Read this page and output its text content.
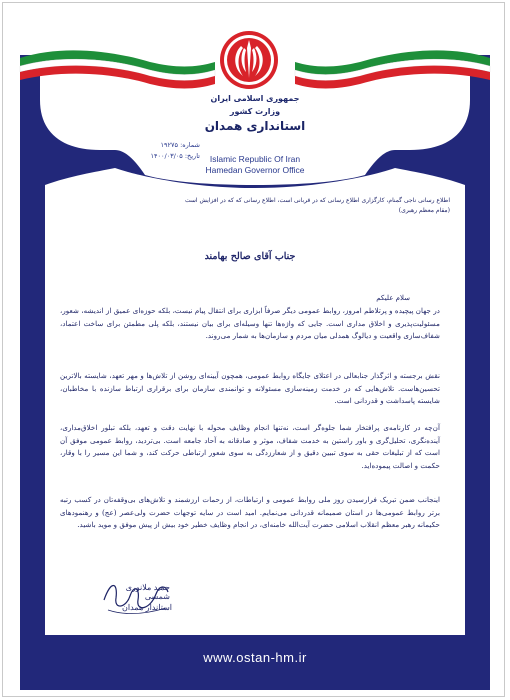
جمهوری اسلامی ایران
وزارت کشور
استانداری همدان
Islamic Republic Of Iran
Hamedan Governor Office
شماره: ۱۹۲۷۵
تاریخ: ۱۴۰۰/۰۳/۰۵
اطلاع رسانی ناجی گمنام، کارگزاری اطلاع رسانی که در قربانی است، اطلاع رسانی که که در افزایش است
(مقام معظم رهبری)
جناب آقای صالح بهامند
سلام علیکم
در جهان پیچیده و پرتلاطم امروز، روابط عمومی دیگر صرفاً ابزاری برای انتقال پیام نیست، بلکه حوزه‌ای عمیق از اندیشه، شعور، مسئولیت‌پذیری و اخلاق مداری است. جایی که واژه‌ها تنها وسیله‌ای برای بیان نیستند، بلکه پلی مطمئن برای ساخت اعتماد، شفاف‌سازی واقعیت و دیالوگ همدلی میان مردم و سازمان‌ها به شمار می‌روند.
نقش برجسته و اثرگذار جنابعالی در اعتلای جایگاه روابط عمومی، همچون آیینه‌ای روشن از تلاش‌ها و مهر تعهد، شایسته بالاترین تحسین‌هاست. تلاش‌هایی که در خدمت زمینه‌سازی مسئولانه و توانمندی سازمان برای برقراری ارتباط سازنده با مخاطبان، شایسته پاسداشت و قدردانی است.
آن‌چه در کارنامه‌ی پرافتخار شما جلوه‌گر است، نه‌تنها انجام وظایف محوله با نهایت دقت و تعهد، بلکه تبلور اخلاق‌مداری، آینده‌نگری، تحلیل‌گری و باور راستین به خدمت شفاف، موثر و صادقانه به آحاد جامعه است. بی‌تردید، روابط عمومی موفق آن است که از تبلیغات حقی به سوی تبیین دقیق و از شعارزدگی به سوی شعور ارتباطی حرکت کند، و شما این مسیر را با وقار، حکمت و اصالت پیموده‌اید.
اینجانب ضمن تبریک فرارسیدن روز ملی روابط عمومی و ارتباطات، از زحمات ارزشمند و تلاش‌های بی‌وقفه‌تان در کسب رتبه برتر روابط عمومی‌ها در استان صمیمانه قدردانی می‌نمایم. امید است در سایه توجهات حضرت ولی‌عصر (عج) و رهنمودهای حکیمانه رهبر معظم انقلاب اسلامی حضرت آیت‌الله خامنه‌ای، در انجام وظایف خطیر خود بیش از پیش موفق و موید باشید.
حمید ملانوری شمسی
استاندار همدان
www.ostan-hm.ir
